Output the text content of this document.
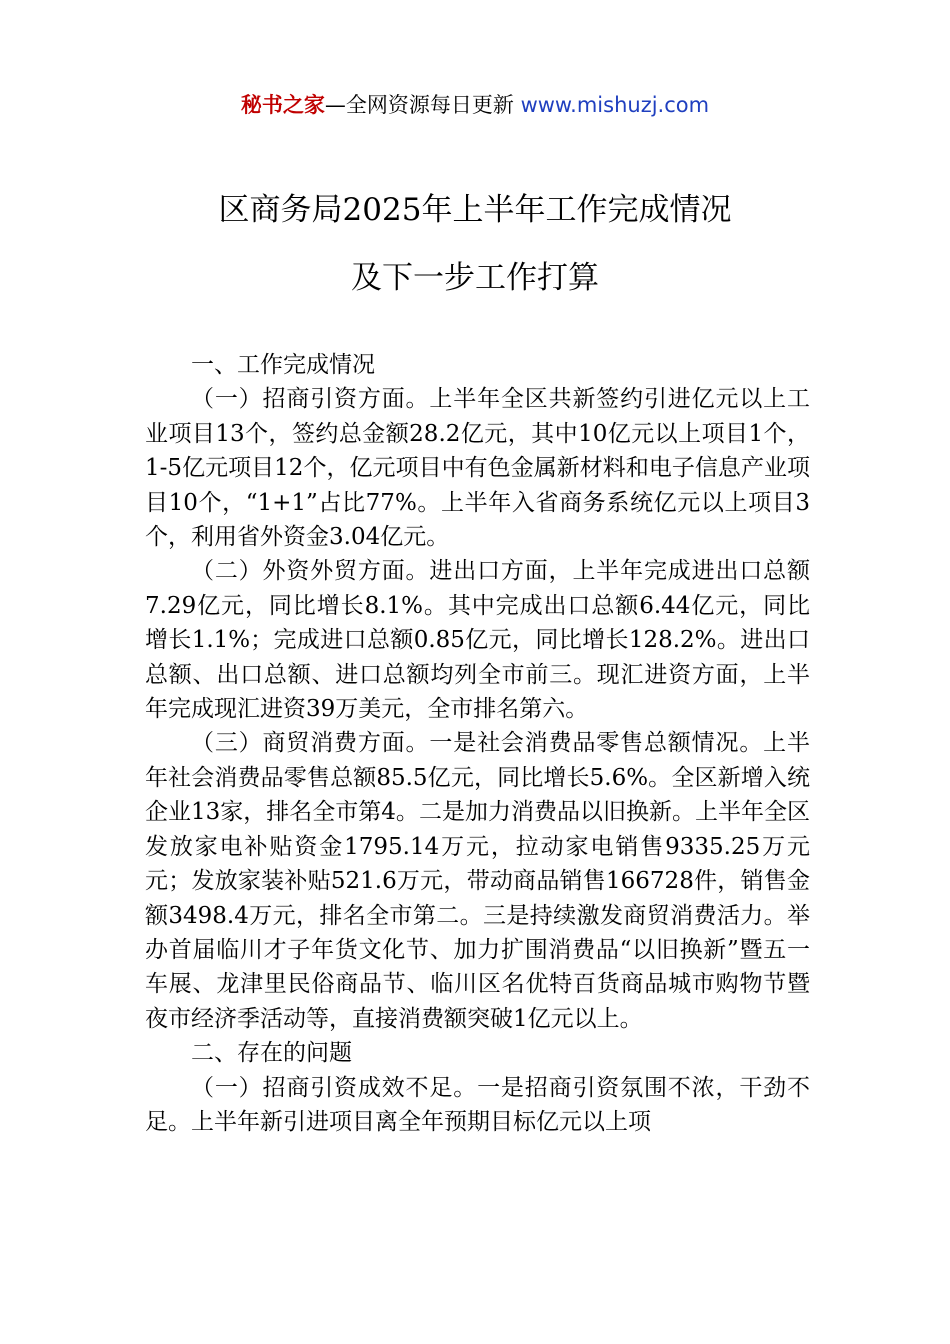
秘书之家—全网资源每日更新 www.mishuzj.com
区商务局2025年上半年工作完成情况
及下一步工作打算

一、工作完成情况

（一）招商引资方面。上半年全区共新签约引进亿元以上工业项目13个，签约总金额28.2亿元，其中10亿元以上项目1个，1-5亿元项目12个，亿元项目中有色金属新材料和电子信息产业项目10个，“1+1”占比77%。上半年入省商务系统亿元以上项目3个，利用省外资金3.04亿元。

（二）外资外贸方面。进出口方面，上半年完成进出口总额7.29亿元，同比增长8.1%。其中完成出口总额6.44亿元，同比增长1.1%；完成进口总额0.85亿元，同比增长128.2%。进出口总额、出口总额、进口总额均列全市前三。现汇进资方面，上半年完成现汇进资39万美元，全市排名第六。

（三）商贸消费方面。一是社会消费品零售总额情况。上半年社会消费品零售总额85.5亿元，同比增长5.6%。全区新增入统企业13家，排名全市第4。二是加力消费品以旧换新。上半年全区发放家电补贴资金1795.14万元，拉动家电销售9335.25万元元；发放家装补贴521.6万元，带动商品销售166728件，销售金额3498.4万元，排名全市第二。三是持续激发商贸消费活力。举办首届临川才子年货文化节、加力扩围消费品“以旧换新”暨五一车展、龙津里民俗商品节、临川区名优特百货商品城市购物节暨夜市经济季活动等，直接消费额突破1亿元以上。

二、存在的问题

（一）招商引资成效不足。一是招商引资氛围不浓，干劲不足。上半年新引进项目离全年预期目标亿元以上项
